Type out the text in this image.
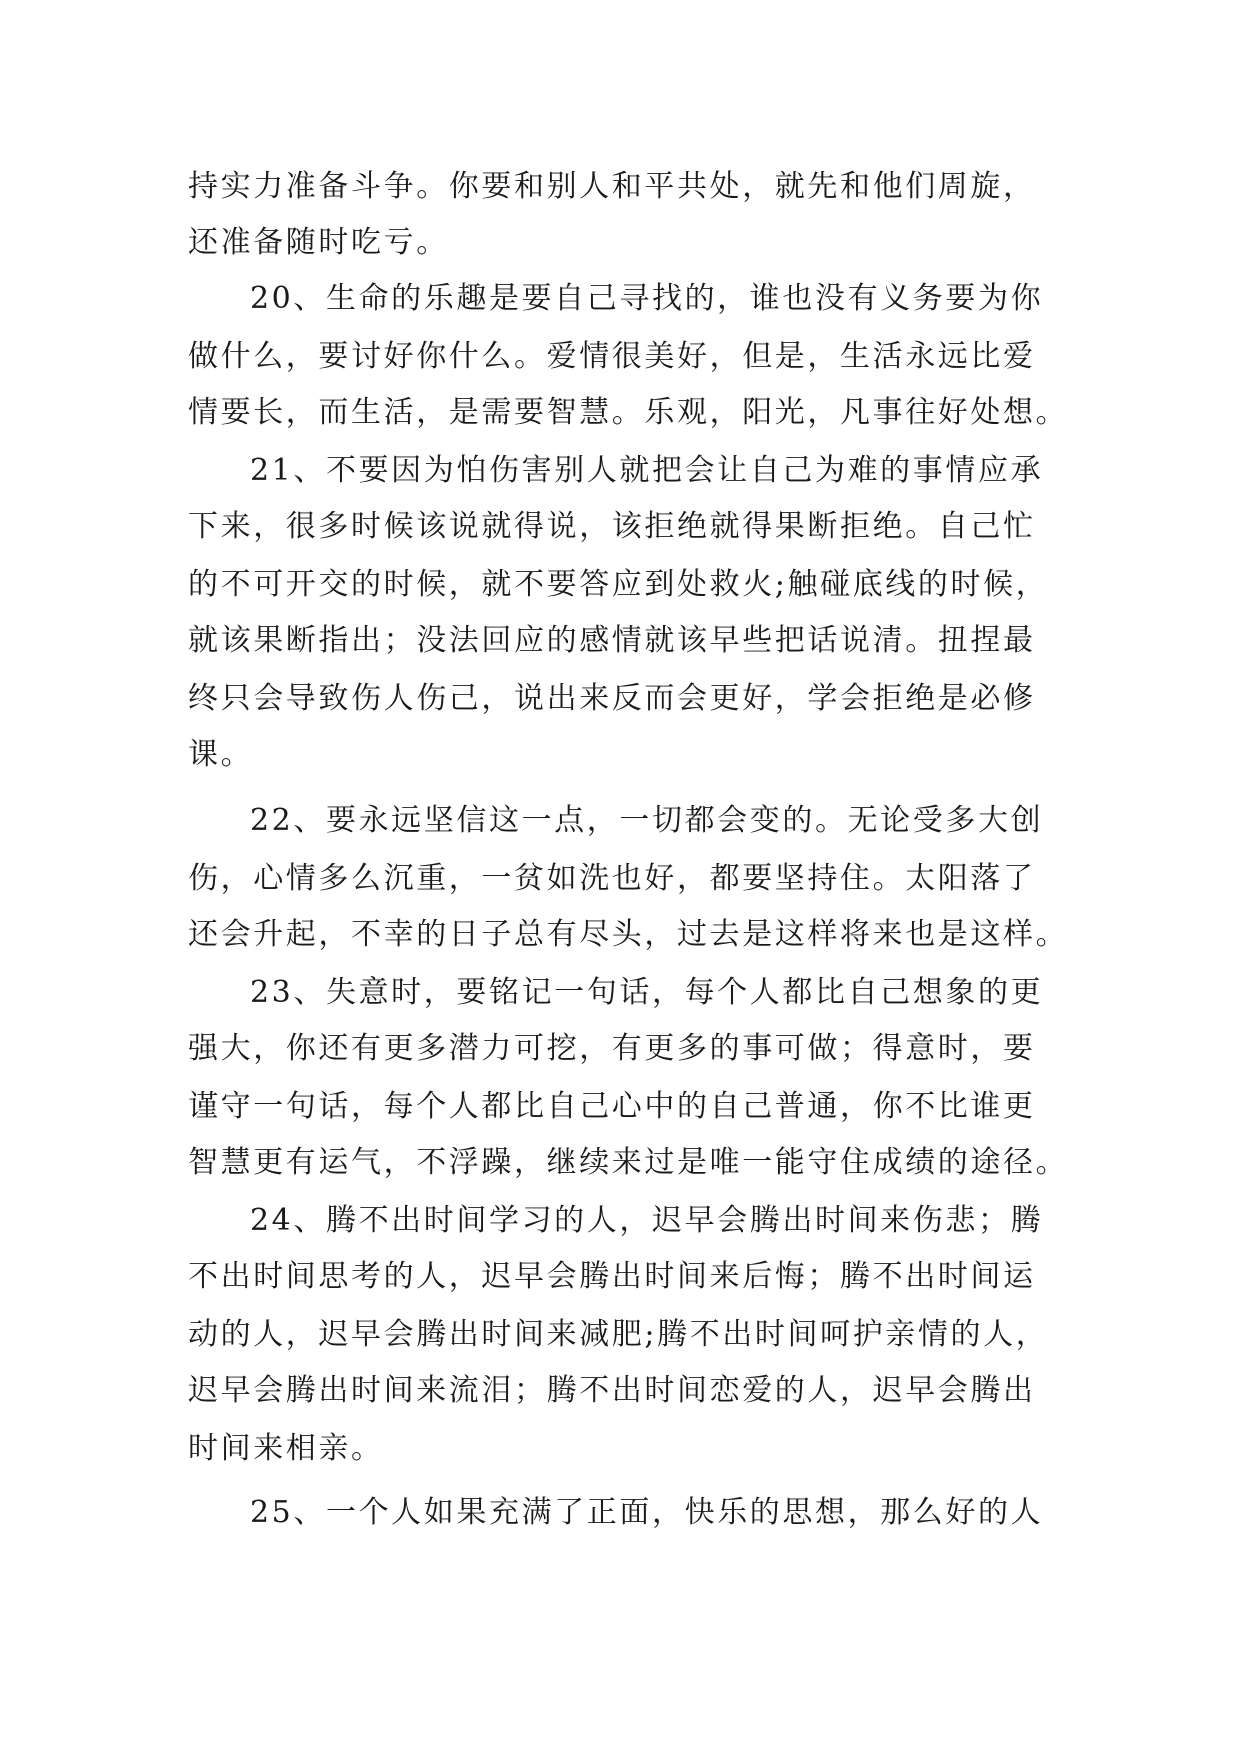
持实力准备斗争。你要和别人和平共处，就先和他们周旋，
还准备随时吃亏。
20、生命的乐趣是要自己寻找的，谁也没有义务要为你
做什么，要讨好你什么。爱情很美好，但是，生活永远比爱
情要长，而生活，是需要智慧。乐观，阳光，凡事往好处想。
21、不要因为怕伤害别人就把会让自己为难的事情应承
下来，很多时候该说就得说，该拒绝就得果断拒绝。自己忙
的不可开交的时候，就不要答应到处救火;触碰底线的时候，
就该果断指出；没法回应的感情就该早些把话说清。扭捏最
终只会导致伤人伤己，说出来反而会更好，学会拒绝是必修
课。
22、要永远坚信这一点，一切都会变的。无论受多大创
伤，心情多么沉重，一贫如洗也好，都要坚持住。太阳落了
还会升起，不幸的日子总有尽头，过去是这样将来也是这样。
23、失意时，要铭记一句话，每个人都比自己想象的更
强大，你还有更多潜力可挖，有更多的事可做；得意时，要
谨守一句话，每个人都比自己心中的自己普通，你不比谁更
智慧更有运气，不浮躁，继续来过是唯一能守住成绩的途径。
24、腾不出时间学习的人，迟早会腾出时间来伤悲；腾
不出时间思考的人，迟早会腾出时间来后悔；腾不出时间运
动的人，迟早会腾出时间来减肥;腾不出时间呵护亲情的人，
迟早会腾出时间来流泪；腾不出时间恋爱的人，迟早会腾出
时间来相亲。
25、一个人如果充满了正面，快乐的思想，那么好的人
